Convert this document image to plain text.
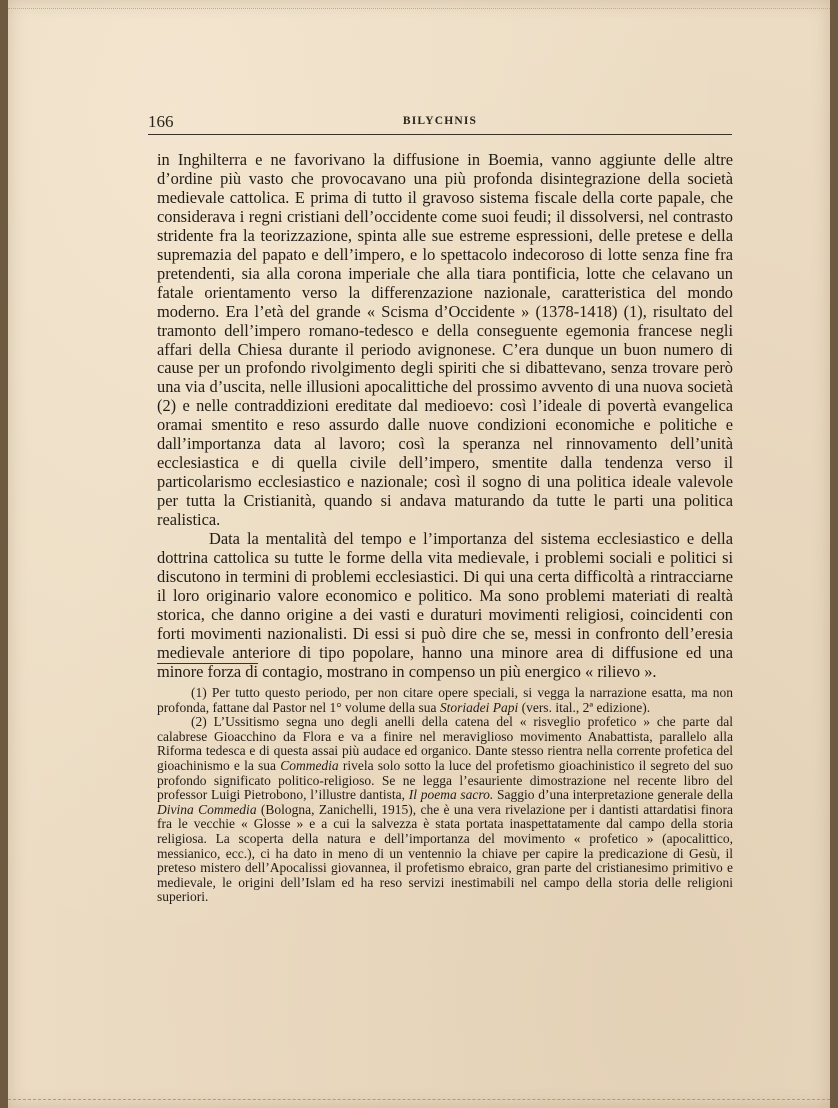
166	BILYCHNIS

in Inghilterra e ne favorivano la diffusione in Boemia, vanno aggiunte delle altre d’ordine più vasto che provocavano una più profonda disintegrazione della società medievale cattolica. E prima di tutto il gravoso sistema fiscale della corte papale, che considerava i regni cristiani dell’occidente come suoi feudi; il dissolversi, nel contrasto stridente fra la teorizzazione, spinta alle sue estreme espressioni, delle pretese e della supremazia del papato e dell’impero, e lo spettacolo indecoroso di lotte senza fine fra pretendenti, sia alla corona imperiale che alla tiara pontificia, lotte che celavano un fatale orientamento verso la differenzazione nazionale, caratteristica del mondo moderno. Era l’età del grande « Scisma d’Occidente » (1378-1418) (1), risultato del tramonto dell’impero romano-tedesco e della conseguente egemonia francese negli affari della Chiesa durante il periodo avignonese. C’era dunque un buon numero di cause per un profondo rivolgimento degli spiriti che si dibattevano, senza trovare però una via d’uscita, nelle illusioni apocalittiche del prossimo avvento di una nuova società (2) e nelle contraddizioni ereditate dal medioevo: così l’ideale di povertà evangelica oramai smentito e reso assurdo dalle nuove condizioni economiche e politiche e dall’importanza data al lavoro; così la speranza nel rinnovamento dell’unità ecclesiastica e di quella civile dell’impero, smentite dalla tendenza verso il particolarismo ecclesiastico e nazionale; così il sogno di una politica ideale valevole per tutta la Cristianità, quando si andava maturando da tutte le parti una politica realistica.

Data la mentalità del tempo e l’importanza del sistema ecclesiastico e della dottrina cattolica su tutte le forme della vita medievale, i problemi sociali e politici si discutono in termini di problemi ecclesiastici. Di qui una certa difficoltà a rintracciarne il loro originario valore economico e politico. Ma sono problemi materiati di realtà storica, che danno origine a dei vasti e duraturi movimenti religiosi, coincidenti con forti movimenti nazionalisti. Di essi si può dire che se, messi in confronto dell’eresia medievale anteriore di tipo popolare, hanno una minore area di diffusione ed una minore forza di contagio, mostrano in compenso un più energico « rilievo ».

(1) Per tutto questo periodo, per non citare opere speciali, si vegga la narrazione esatta, ma non profonda, fattane dal Pastor nel 1° volume della sua Storiadei Papi (vers. ital., 2ª edizione).

(2) L’Ussitismo segna uno degli anelli della catena del « risveglio profetico » che parte dal calabrese Gioacchino da Flora e va a finire nel meraviglioso movimento Anabattista, parallelo alla Riforma tedesca e di questa assai più audace ed organico. Dante stesso rientra nella corrente profetica del gioachinismo e la sua Commedia rivela solo sotto la luce del profetismo gioachinistico il segreto del suo profondo significato politico-religioso. Se ne legga l’esauriente dimostrazione nel recente libro del professor Luigi Pietrobono, l’illustre dantista, Il poema sacro. Saggio d’una interpretazione generale della Divina Commedia (Bologna, Zanichelli, 1915), che è una vera rivelazione per i dantisti attardatisi finora fra le vecchie « Glosse » e a cui la salvezza è stata portata inaspettatamente dal campo della storia religiosa. La scoperta della natura e dell’importanza del movimento « profetico » (apocalittico, messianico, ecc.), ci ha dato in meno di un ventennio la chiave per capire la predicazione di Gesù, il preteso mistero dell’Apocalissi giovannea, il profetismo ebraico, gran parte del cristianesimo primitivo e medievale, le origini dell’Islam ed ha reso servizi inestimabili nel campo della storia delle religioni superiori.
